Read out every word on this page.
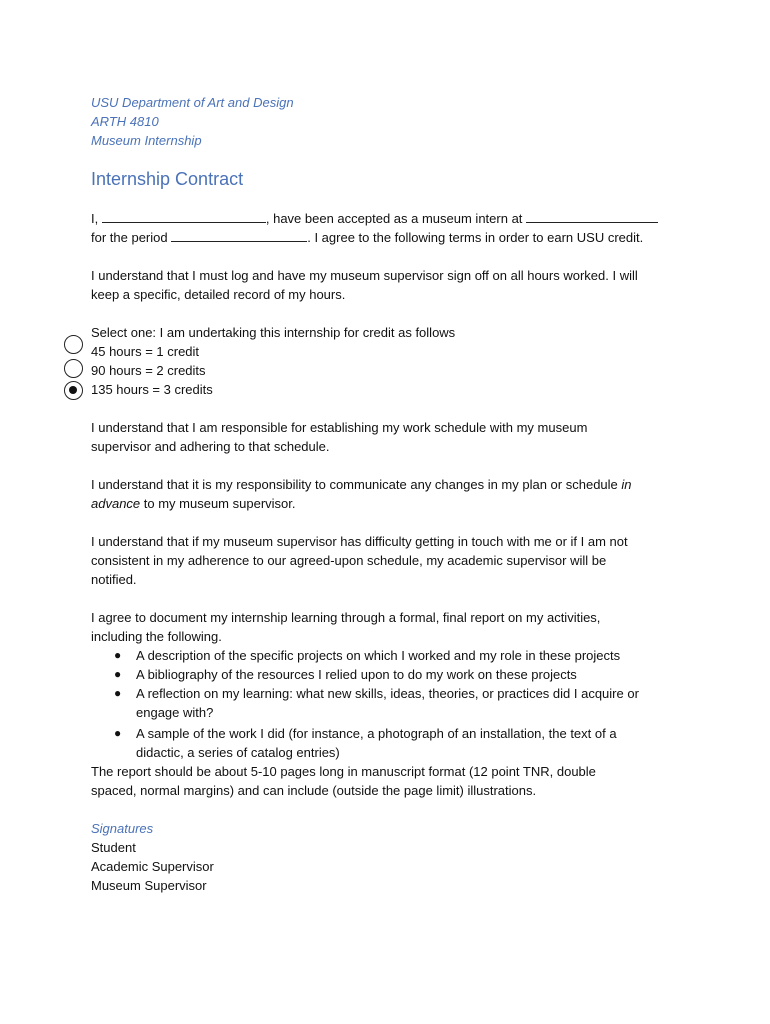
USU Department of Art and Design
ARTH 4810
Museum Internship
Internship Contract
I,	, have been accepted as a museum intern at
for the period	. I agree to the following terms in order to earn USU credit.
I understand that I must log and have my museum supervisor sign off on all hours worked. I will
keep a specific, detailed record of my hours.
Select one: I am undertaking this internship for credit as follows
45 hours = 1 credit
90 hours = 2 credits
135 hours = 3 credits
I understand that I am responsible for establishing my work schedule with my museum
supervisor and adhering to that schedule.
I understand that it is my responsibility to communicate any changes in my plan or schedule in
advance to my museum supervisor.
I understand that if my museum supervisor has difficulty getting in touch with me or if I am not
consistent in my adherence to our agreed-upon schedule, my academic supervisor will be
notified.
I agree to document my internship learning through a formal, final report on my activities,
including the following.
● A description of the specific projects on which I worked and my role in these projects
● A bibliography of the resources I relied upon to do my work on these projects
● A reflection on my learning: what new skills, ideas, theories, or practices did I acquire or
engage with?
● A sample of the work I did (for instance, a photograph of an installation, the text of a
didactic, a series of catalog entries)
The report should be about 5-10 pages long in manuscript format (12 point TNR, double
spaced, normal margins) and can include (outside the page limit) illustrations.
Signatures
Student
Academic Supervisor
Museum Supervisor
